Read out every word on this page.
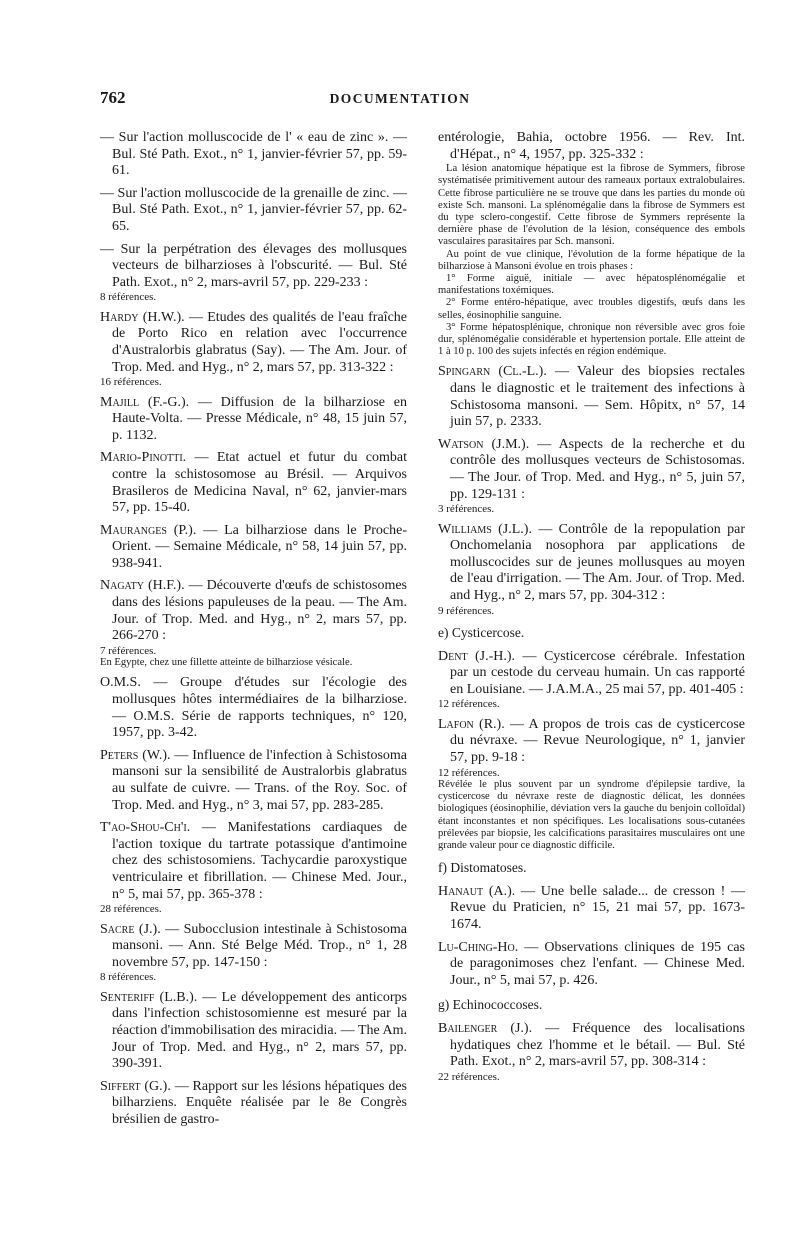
762	DOCUMENTATION
— Sur l'action molluscocide de l' « eau de zinc ». — Bul. Sté Path. Exot., n° 1, janvier-février 57, pp. 59-61.
— Sur l'action molluscocide de la grenaille de zinc. — Bul. Sté Path. Exot., n° 1, janvier-février 57, pp. 62-65.
— Sur la perpétration des élevages des mollusques vecteurs de bilharzioses à l'obscurité. — Bul. Sté Path. Exot., n° 2, mars-avril 57, pp. 229-233 :
8 références.
Hardy (H.W.). — Etudes des qualités de l'eau fraîche de Porto Rico en relation avec l'occurrence d'Australorbis glabratus (Say). — The Am. Jour. of Trop. Med. and Hyg., n° 2, mars 57, pp. 313-322 :
16 références.
Majill (F.-G.). — Diffusion de la bilharziose en Haute-Volta. — Presse Médicale, n° 48, 15 juin 57, p. 1132.
Mario-Pinotti. — Etat actuel et futur du combat contre la schistosomose au Brésil. — Arquivos Brasileros de Medicina Naval, n° 62, janvier-mars 57, pp. 15-40.
Mauranges (P.). — La bilharziose dans le Proche-Orient. — Semaine Médicale, n° 58, 14 juin 57, pp. 938-941.
Nagaty (H.F.). — Découverte d'œufs de schistosomes dans des lésions papuleuses de la peau. — The Am. Jour. of Trop. Med. and Hyg., n° 2, mars 57, pp. 266-270 :
7 références.
En Egypte, chez une fillette atteinte de bilharziose vésicale.
O.M.S. — Groupe d'études sur l'écologie des mollusques hôtes intermédiaires de la bilharziose. — O.M.S. Série de rapports techniques, n° 120, 1957, pp. 3-42.
Peters (W.). — Influence de l'infection à Schistosoma mansoni sur la sensibilité de Australorbis glabratus au sulfate de cuivre. — Trans. of the Roy. Soc. of Trop. Med. and Hyg., n° 3, mai 57, pp. 283-285.
T'ao-Shou-Ch'i. — Manifestations cardiaques de l'action toxique du tartrate potassique d'antimoine chez des schistosomiens. Tachycardie paroxystique ventriculaire et fibrillation. — Chinese Med. Jour., n° 5, mai 57, pp. 365-378 :
28 références.
Sacre (J.). — Subocclusion intestinale à Schistosoma mansoni. — Ann. Sté Belge Méd. Trop., n° 1, 28 novembre 57, pp. 147-150 :
8 références.
Senteriff (L.B.). — Le développement des anticorps dans l'infection schistosomienne est mesuré par la réaction d'immobilisation des miracidia. — The Am. Jour of Trop. Med. and Hyg., n° 2, mars 57, pp. 390-391.
Siffert (G.). — Rapport sur les lésions hépatiques des bilharziens. Enquête réalisée par le 8e Congrès brésilien de gastro-
entérologie, Bahia, octobre 1956. — Rev. Int. d'Hépat., n° 4, 1957, pp. 325-332 :
La lésion anatomique hépatique est la fibrose de Symmers, fibrose systématisée primitivement autour des rameaux portaux extralobulaires. Cette fibrose particulière ne se trouve que dans les parties du monde où existe Sch. mansoni. La splénomégalie dans la fibrose de Symmers est du type sclero-congestif. Cette fibrose de Symmers représente la dernière phase de l'évolution de la lésion, conséquence des embols vasculaires parasitaires par Sch. mansoni.
Au point de vue clinique, l'évolution de la forme hépatique de la bilharziose à Mansoni évolue en trois phases :
1° Forme aiguë, initiale — avec hépatosplénomégalie et manifestations toxémiques.
2° Forme entéro-hépatique, avec troubles digestifs, œufs dans les selles, éosinophilie sanguine.
3° Forme hépatosplénique, chronique non réversible avec gros foie dur, splénomégalie considérable et hypertension portale. Elle atteint de 1 à 10 p. 100 des sujets infectés en région endémique.
Spingarn (Cl.-L.). — Valeur des biopsies rectales dans le diagnostic et le traitement des infections à Schistosoma mansoni. — Sem. Hôpitx, n° 57, 14 juin 57, p. 2333.
Watson (J.M.). — Aspects de la recherche et du contrôle des mollusques vecteurs de Schistosomas. — The Jour. of Trop. Med. and Hyg., n° 5, juin 57, pp. 129-131 :
3 références.
Williams (J.L.). — Contrôle de la repopulation par Onchomelania nosophora par applications de molluscocides sur de jeunes mollusques au moyen de l'eau d'irrigation. — The Am. Jour. of Trop. Med. and Hyg., n° 2, mars 57, pp. 304-312 :
9 références.
e) Cysticercose.
Dent (J.-H.). — Cysticercose cérébrale. Infestation par un cestode du cerveau humain. Un cas rapporté en Louisiane. — J.A.M.A., 25 mai 57, pp. 401-405 :
12 références.
Lafon (R.). — A propos de trois cas de cysticercose du névraxe. — Revue Neurologique, n° 1, janvier 57, pp. 9-18 :
12 références.
Révélée le plus souvent par un syndrome d'épilepsie tardive, la cysticercose du névraxe reste de diagnostic délicat, les données biologiques (éosinophilie, déviation vers la gauche du benjoin colloïdal) étant inconstantes et non spécifiques. Les localisations sous-cutanées prélevées par biopsie, les calcifications parasitaires musculaires ont une grande valeur pour ce diagnostic difficile.
f) Distomatoses.
Hanaut (A.). — Une belle salade... de cresson ! — Revue du Praticien, n° 15, 21 mai 57, pp. 1673-1674.
Lu-Ching-Ho. — Observations cliniques de 195 cas de paragonimoses chez l'enfant. — Chinese Med. Jour., n° 5, mai 57, p. 426.
g) Echinococcoses.
Bailenger (J.). — Fréquence des localisations hydatiques chez l'homme et le bétail. — Bul. Sté Path. Exot., n° 2, mars-avril 57, pp. 308-314 :
22 références.
